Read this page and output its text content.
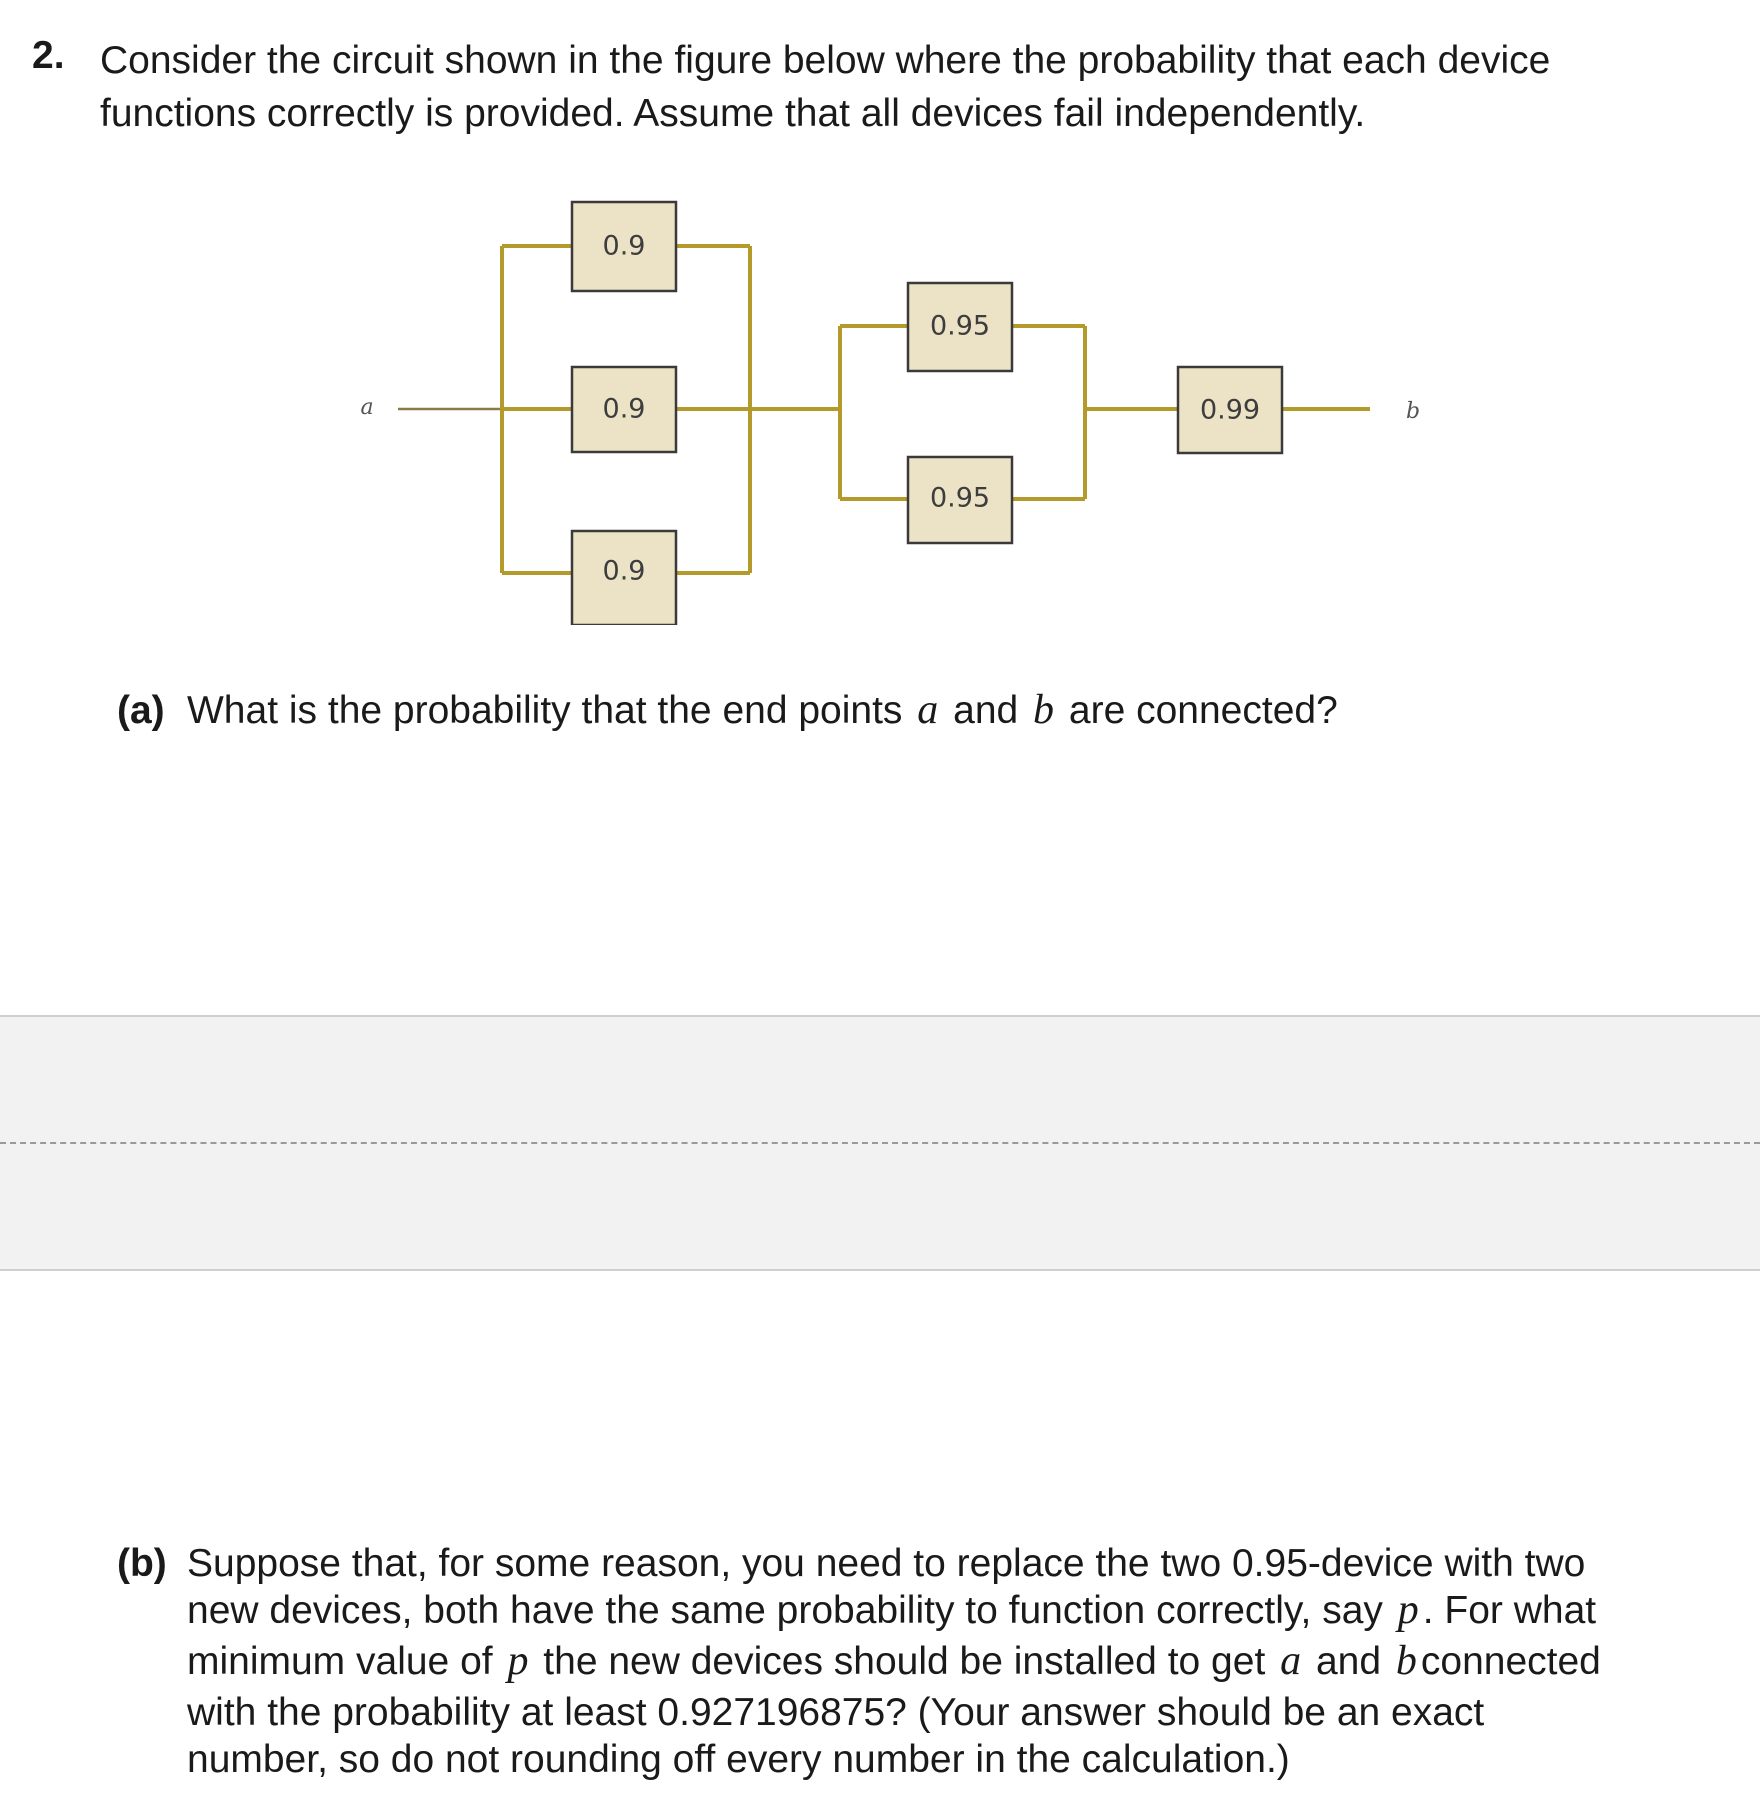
2. Consider the circuit shown in the figure below where the probability that each device

functions correctly is provided. Assume that all devices fail independently.

a	b
0.9
0.9
0.9
0.95
0.95
0.99
(a) What is the probability that the end points a and b are connected?
(b) Suppose that, for some reason, you need to replace the two 0.95-device with two

new devices, both have the same probability to function correctly, say p . For what

minimum value of p the new devices should be installed to get a and b connected

with the probability at least 0.927196875? (Your answer should be an exact

number, so do not rounding off every number in the calculation.)
